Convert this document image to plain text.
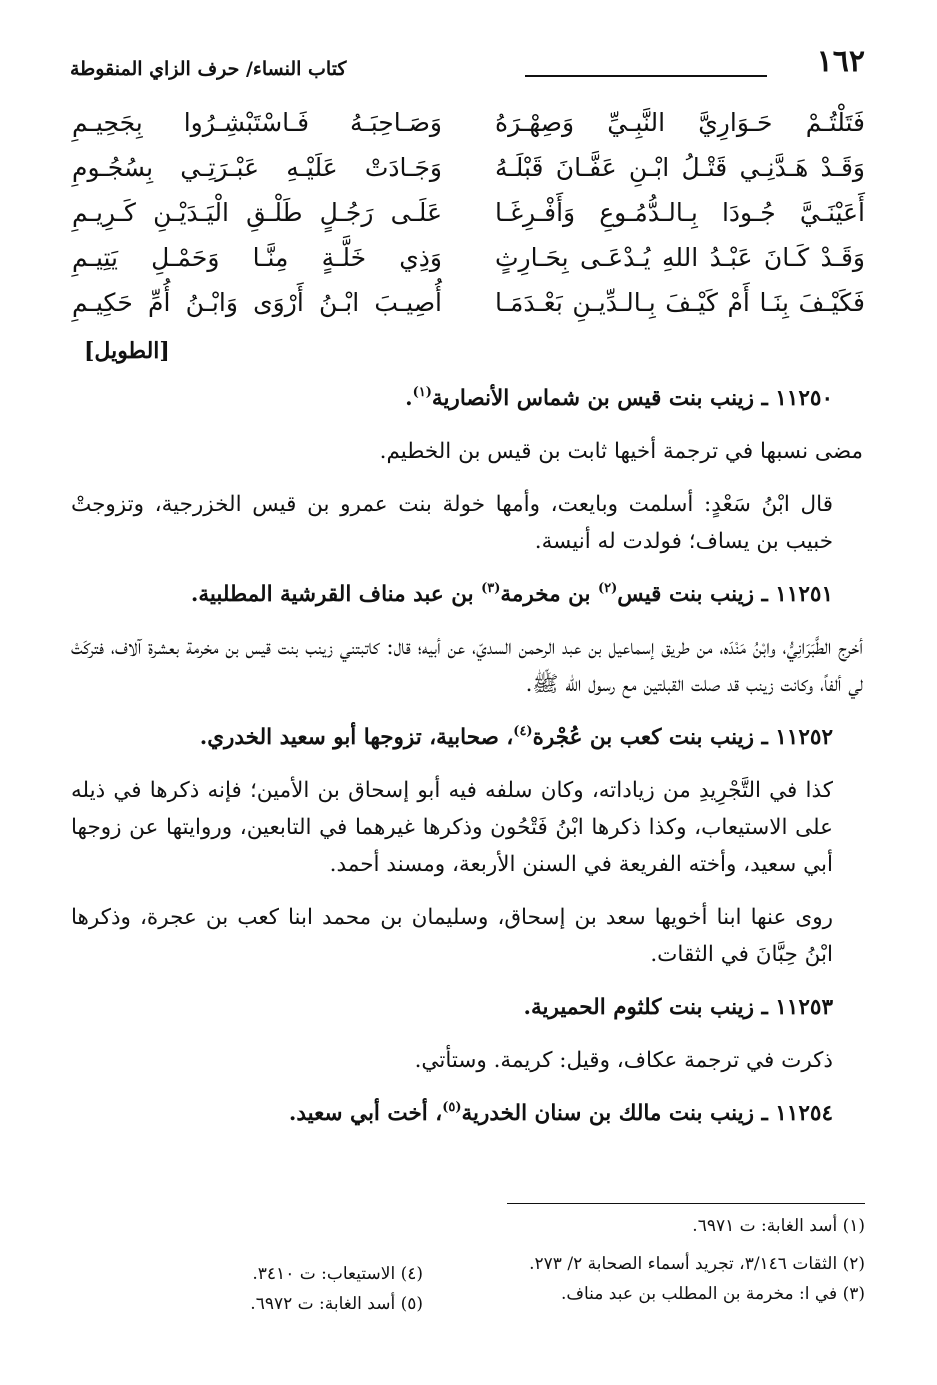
١٦٢
كتاب النساء/ حرف الزاي المنقوطة
فَتَلْتُـمْ حَـوَارِيَّ النَّبِـيِّ وَصِهْـرَهُ
وَصَـاحِبَـهُ فَـاسْتَبْشِـرُوا بِجَحِيـمِ
وَقَـدْ هَـدَّنِـي قَتْـلُ ابْـنِ عَفَّـانَ قَبْلَـهُ
وَجَـادَتْ عَلَيْـهِ عَبْـرَتِـي بِسُجُـومِ
أَعَيْنَـيَّ جُـودَا بِـالـدُّمُـوعِ وَأَفْـرِغَـا
عَلَـى رَجُـلٍ طَلْـقِ الْيَـدَيْـنِ كَـرِيـمِ
وَقَـدْ كَـانَ عَبْـدُ اللهِ يُـدْعَـى بِحَـارِثٍ
وَذِي خَلَّـةٍ مِنَّـا وَحَمْـلِ يَتِيـمِ
فَكَيْـفَ بِنَـا أَمْ كَيْـفَ بِـالـدِّيـنِ بَعْـدَمَـا
أُصِيـبَ ابْـنُ أَرْوَى وَابْـنُ أُمِّ حَكِيـمِ
[الطويل]

١١٢٥٠ ـ زينب بنت قيس بن شماس الأنصارية$^{(١)}$.

مضى نسبها في ترجمة أخيها ثابت بن قيس بن الخطيم.

قال ابْنُ سَعْدٍ: أسلمت وبايعت، وأمها خولة بنت عمرو بن قيس الخزرجية، وتزوجتْ خبيب بن يساف؛ فولدت له أنيسة.

١١٢٥١ ـ زينب بنت قيس$^{(٢)}$ بن مخرمة$^{(٣)}$ بن عبد مناف القرشية المطلبية.

أخرج الطَّبَرَانِيُّ، وابْنُ مَنْدَه، من طريق إسماعيل بن عبد الرحمن السديّ، عن أبيه؛ قال: كاتبتني زينب بنت قيس بن مخرمة بعشرة آلاف، فتركَتْ لي ألفاً، وكانت زينب قد صلت القبلتين مع رسول الله ﷺ.

١١٢٥٢ ـ زينب بنت كعب بن عُجْرة$^{(٤)}$، صحابية، تزوجها أبو سعيد الخدري.

كذا في التَّجْرِيدِ من زياداته، وكان سلفه فيه أبو إسحاق بن الأمين؛ فإنه ذكرها في ذيله على الاستيعاب، وكذا ذكرها ابْنُ فَتْحُون وذكرها غيرهما في التابعين، وروايتها عن زوجها أبي سعيد، وأخته الفريعة في السنن الأربعة، ومسند أحمد.

روى عنها ابنا أخويها سعد بن إسحاق، وسليمان بن محمد ابنا كعب بن عجرة، وذكرها ابْنُ حِبَّانَ في الثقات.

١١٢٥٣ ـ زينب بنت كلثوم الحميرية.

ذكرت في ترجمة عكاف، وقيل: كريمة. وستأتي.

١١٢٥٤ ـ زينب بنت مالك بن سنان الخدرية$^{(٥)}$، أخت أبي سعيد.

(١) أسد الغابة: ت ٦٩٧١.
(٢) الثقات ٣/١٤٦، تجريد أسماء الصحابة ٢/ ٢٧٣.
(٣) في ا: مخرمة بن المطلب بن عبد مناف.
(٤) الاستيعاب: ت ٣٤١٠.
(٥) أسد الغابة: ت ٦٩٧٢.
